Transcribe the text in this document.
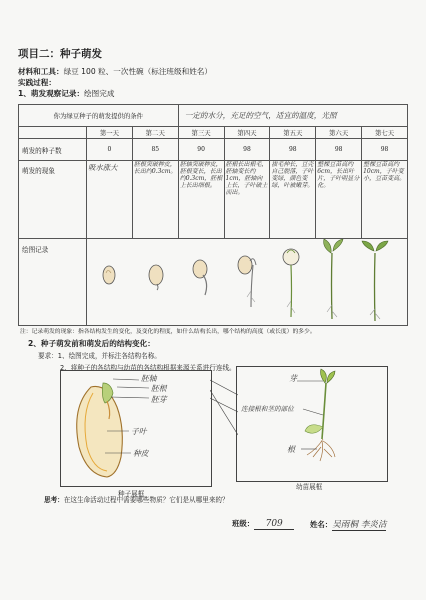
项目二：种子萌发
材料和工具：绿豆 100 粒、一次性碗（标注班级和姓名）
实践过程：
1、萌发观察记录：绘图完成
你为绿豆种子的萌发提供的条件			一定的水分，充足的空气，适宜的温度，光照				
	第一天	第二天	第三天	第四天	第五天	第六天	第七天
萌发的种子数	0	85	90	98	98	98	98
萌发的现象	吸水涨大	胚根突破种皮，长出约0.3cm。	胚轴突破种皮，胚根变长，长出约0.3cm，胚根上长出细根。	胚根长出根毛，胚轴变长约1cm，胚轴向上长，子叶破土而出。	拔毛伸长，豆壳自己脱落，子叶变绿，颜色变绿，叶被嫩芽。	整棵豆苗高约6cm，长出叶片，子叶明显分化。	整棵豆苗高约10cm，子叶变小，豆苗变高。
绘图记录	
注：记录萌发的现象：指各结构发生的变化，及变化的程度，如什么结构长出，哪个结构的高度（或长度）的多少。
2、种子萌发前和萌发后的结构变化：
要求：1、绘图完成，并标注各结构名称。
2、将种子的各结构与幼苗的各结构根据来源关系进行连线。
胚轴
胚根
胚芽
子叶
种皮
种子展框
芽
连接根和茎的部位
根
幼苗展框
思考：在这生命活动过程中需要哪些物质？它们是从哪里来的？
班级： 709	姓名：吴雨桐 李炎洁
